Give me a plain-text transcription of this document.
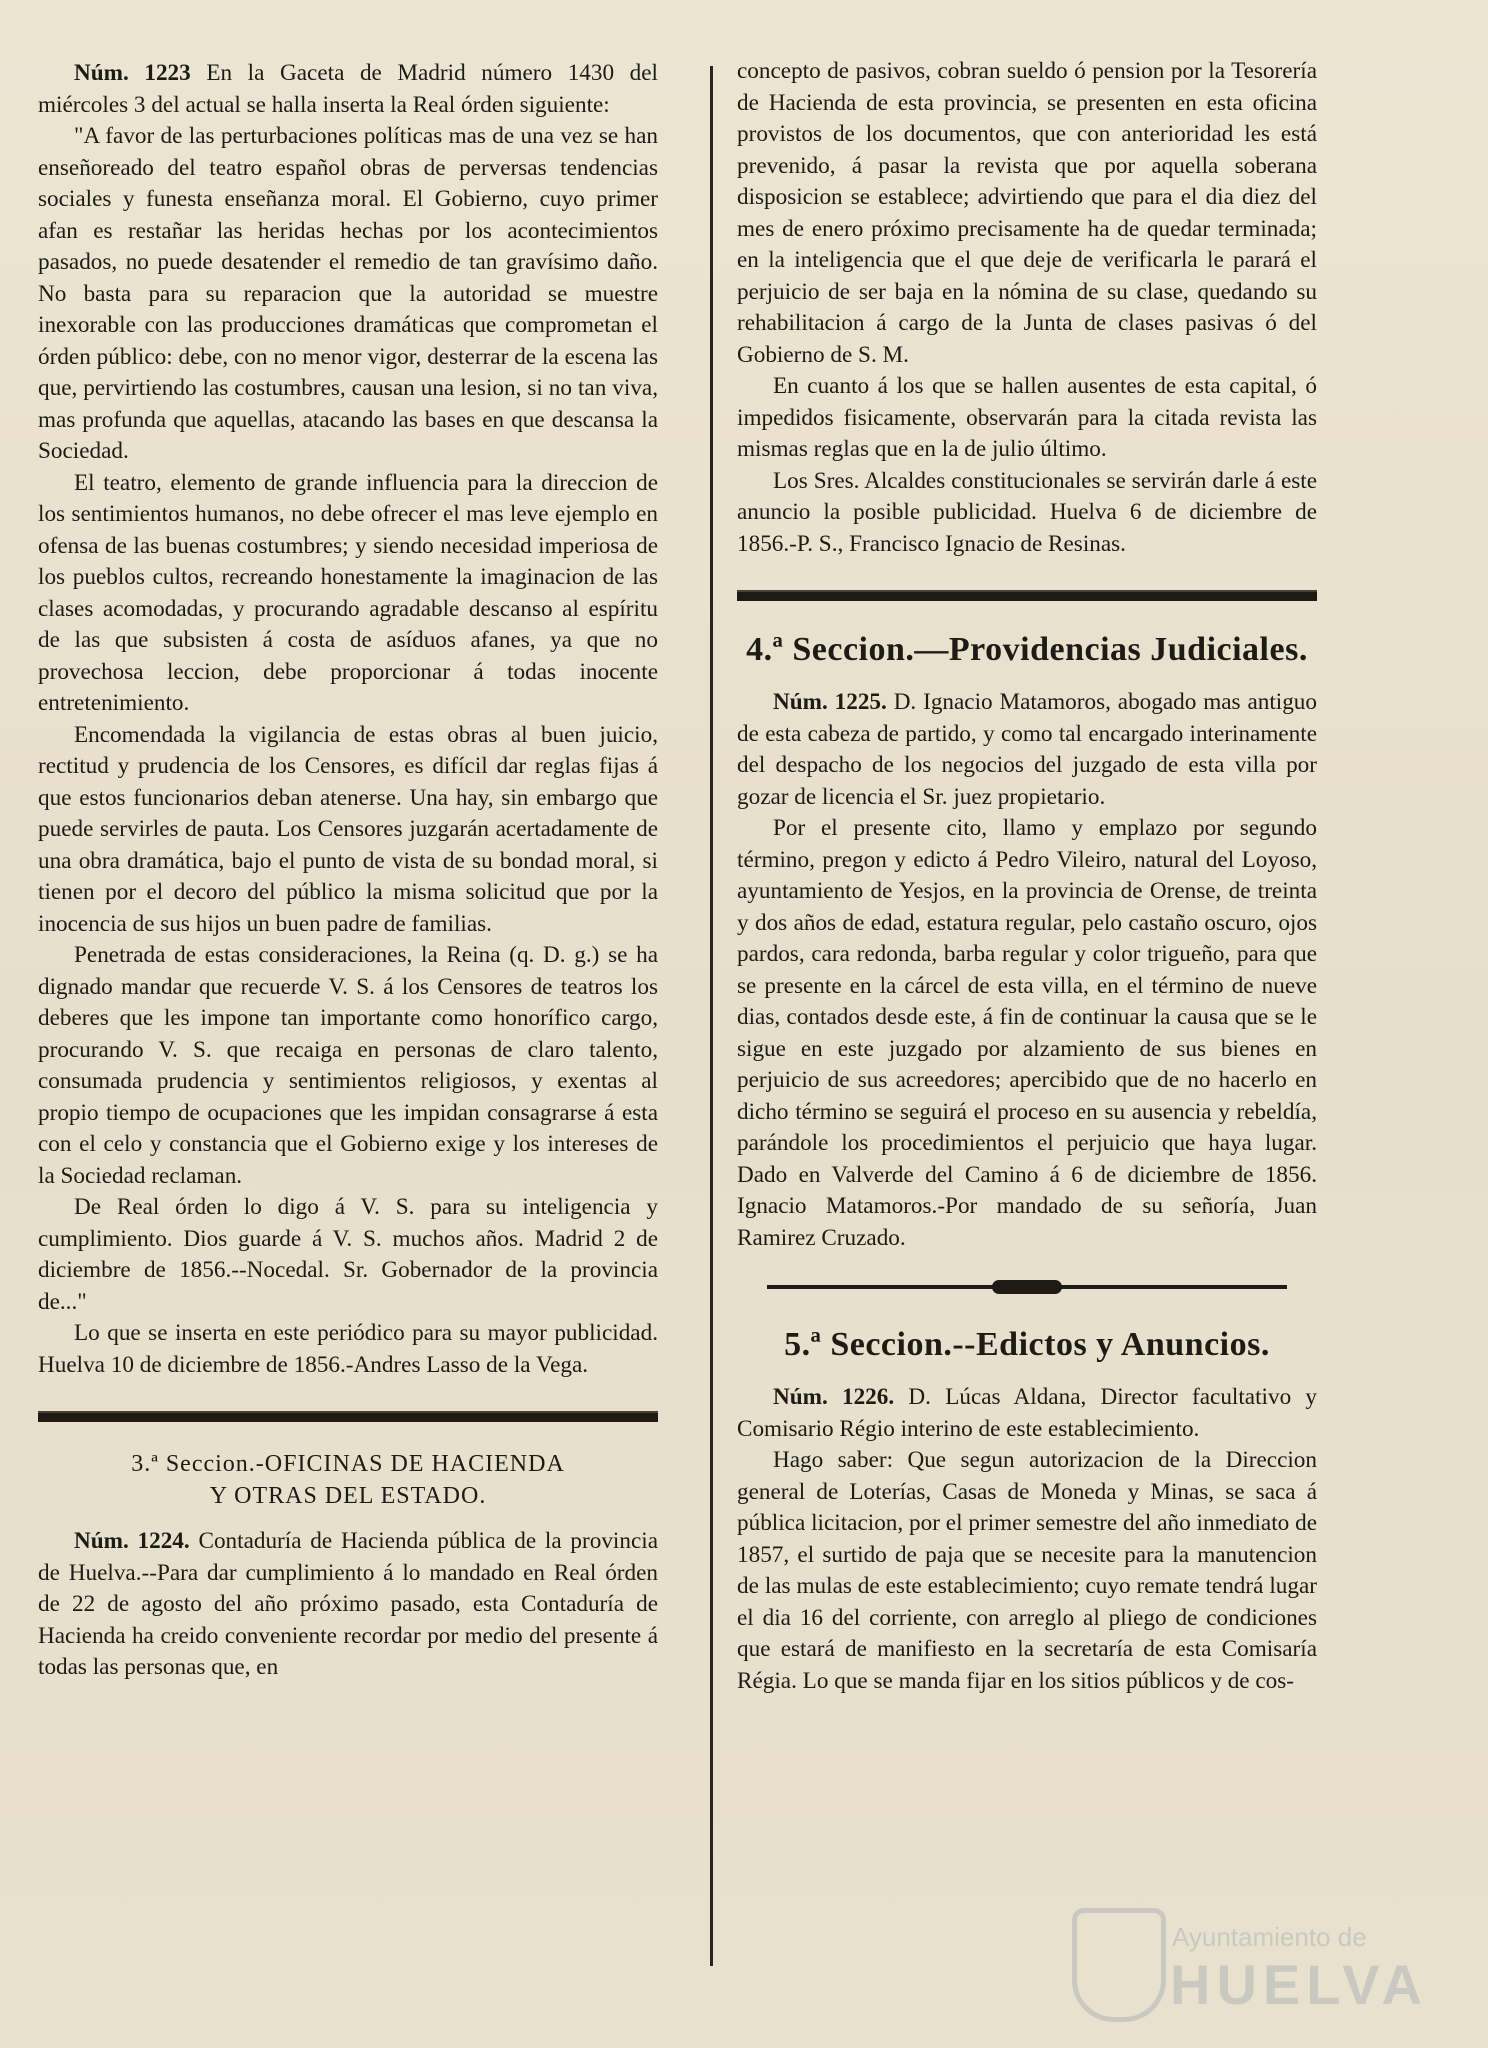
Núm. 1223 En la Gaceta de Madrid número 1430 del miércoles 3 del actual se halla inserta la Real órden siguiente:

"A favor de las perturbaciones políticas mas de una vez se han enseñoreado del teatro español obras de perversas tendencias sociales y funesta enseñanza moral. El Gobierno, cuyo primer afan es restañar las heridas hechas por los acontecimientos pasados, no puede desatender el remedio de tan gravísimo daño. No basta para su reparacion que la autoridad se muestre inexorable con las producciones dramáticas que comprometan el órden público: debe, con no menor vigor, desterrar de la escena las que, pervirtiendo las costumbres, causan una lesion, si no tan viva, mas profunda que aquellas, atacando las bases en que descansa la Sociedad.

El teatro, elemento de grande influencia para la direccion de los sentimientos humanos, no debe ofrecer el mas leve ejemplo en ofensa de las buenas costumbres; y siendo necesidad imperiosa de los pueblos cultos, recreando honestamente la imaginacion de las clases acomodadas, y procurando agradable descanso al espíritu de las que subsisten á costa de asíduos afanes, ya que no provechosa leccion, debe proporcionar á todas inocente entretenimiento.

Encomendada la vigilancia de estas obras al buen juicio, rectitud y prudencia de los Censores, es difícil dar reglas fijas á que estos funcionarios deban atenerse. Una hay, sin embargo que puede servirles de pauta. Los Censores juzgarán acertadamente de una obra dramática, bajo el punto de vista de su bondad moral, si tienen por el decoro del público la misma solicitud que por la inocencia de sus hijos un buen padre de familias.

Penetrada de estas consideraciones, la Reina (q. D. g.) se ha dignado mandar que recuerde V. S. á los Censores de teatros los deberes que les impone tan importante como honorífico cargo, procurando V. S. que recaiga en personas de claro talento, consumada prudencia y sentimientos religiosos, y exentas al propio tiempo de ocupaciones que les impidan consagrarse á esta con el celo y constancia que el Gobierno exige y los intereses de la Sociedad reclaman.

De Real órden lo digo á V. S. para su inteligencia y cumplimiento. Dios guarde á V. S. muchos años. Madrid 2 de diciembre de 1856.--Nocedal. Sr. Gobernador de la provincia de..."

Lo que se inserta en este periódico para su mayor publicidad. Huelva 10 de diciembre de 1856.-Andres Lasso de la Vega.

3.ª Seccion.-OFICINAS DE HACIENDA
Y OTRAS DEL ESTADO.

Núm. 1224. Contaduría de Hacienda pública de la provincia de Huelva.--Para dar cumplimiento á lo mandado en Real órden de 22 de agosto del año próximo pasado, esta Contaduría de Hacienda ha creido conveniente recordar por medio del presente á todas las personas que, en

concepto de pasivos, cobran sueldo ó pension por la Tesorería de Hacienda de esta provincia, se presenten en esta oficina provistos de los documentos, que con anterioridad les está prevenido, á pasar la revista que por aquella soberana disposicion se establece; advirtiendo que para el dia diez del mes de enero próximo precisamente ha de quedar terminada; en la inteligencia que el que deje de verificarla le parará el perjuicio de ser baja en la nómina de su clase, quedando su rehabilitacion á cargo de la Junta de clases pasivas ó del Gobierno de S. M.

En cuanto á los que se hallen ausentes de esta capital, ó impedidos fisicamente, observarán para la citada revista las mismas reglas que en la de julio último.

Los Sres. Alcaldes constitucionales se servirán darle á este anuncio la posible publicidad. Huelva 6 de diciembre de 1856.-P. S., Francisco Ignacio de Resinas.

4.ª Seccion.—Providencias Judiciales.

Núm. 1225. D. Ignacio Matamoros, abogado mas antiguo de esta cabeza de partido, y como tal encargado interinamente del despacho de los negocios del juzgado de esta villa por gozar de licencia el Sr. juez propietario.

Por el presente cito, llamo y emplazo por segundo término, pregon y edicto á Pedro Vileiro, natural del Loyoso, ayuntamiento de Yesjos, en la provincia de Orense, de treinta y dos años de edad, estatura regular, pelo castaño oscuro, ojos pardos, cara redonda, barba regular y color trigueño, para que se presente en la cárcel de esta villa, en el término de nueve dias, contados desde este, á fin de continuar la causa que se le sigue en este juzgado por alzamiento de sus bienes en perjuicio de sus acreedores; apercibido que de no hacerlo en dicho término se seguirá el proceso en su ausencia y rebeldía, parándole los procedimientos el perjuicio que haya lugar. Dado en Valverde del Camino á 6 de diciembre de 1856. Ignacio Matamoros.-Por mandado de su señoría, Juan Ramirez Cruzado.

5.ª Seccion.--Edictos y Anuncios.

Núm. 1226. D. Lúcas Aldana, Director facultativo y Comisario Régio interino de este establecimiento.

Hago saber: Que segun autorizacion de la Direccion general de Loterías, Casas de Moneda y Minas, se saca á pública licitacion, por el primer semestre del año inmediato de 1857, el surtido de paja que se necesite para la manutencion de las mulas de este establecimiento; cuyo remate tendrá lugar el dia 16 del corriente, con arreglo al pliego de condiciones que estará de manifiesto en la secretaría de esta Comisaría Régia. Lo que se manda fijar en los sitios públicos y de cos-

Ayuntamiento de
HUELVA
